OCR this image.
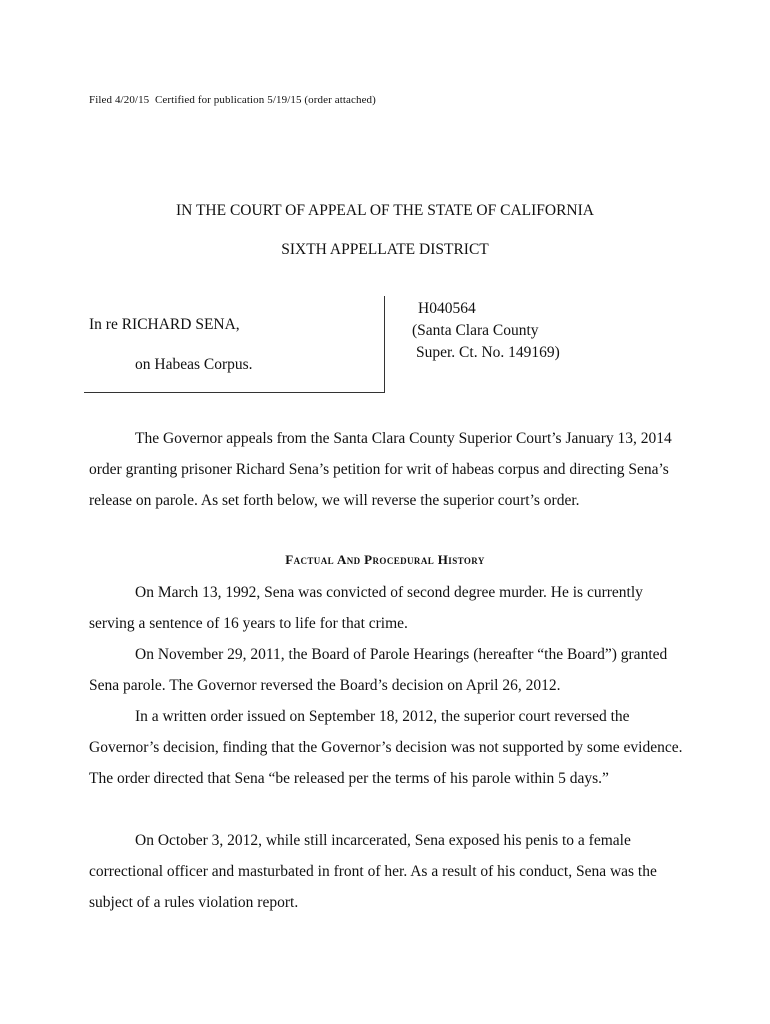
Filed 4/20/15  Certified for publication 5/19/15 (order attached)
IN THE COURT OF APPEAL OF THE STATE OF CALIFORNIA
SIXTH APPELLATE DISTRICT
In re RICHARD SENA,
on Habeas Corpus.
H040564
(Santa Clara County
Super. Ct. No. 149169)

The Governor appeals from the Santa Clara County Superior Court’s January 13, 2014 order granting prisoner Richard Sena’s petition for writ of habeas corpus and directing Sena’s release on parole. As set forth below, we will reverse the superior court’s order.

Factual And Procedural History

On March 13, 1992, Sena was convicted of second degree murder. He is currently serving a sentence of 16 years to life for that crime.

On November 29, 2011, the Board of Parole Hearings (hereafter “the Board”) granted Sena parole. The Governor reversed the Board’s decision on April 26, 2012.

In a written order issued on September 18, 2012, the superior court reversed the Governor’s decision, finding that the Governor’s decision was not supported by some evidence. The order directed that Sena “be released per the terms of his parole within 5 days.”

On October 3, 2012, while still incarcerated, Sena exposed his penis to a female correctional officer and masturbated in front of her. As a result of his conduct, Sena was the subject of a rules violation report.
